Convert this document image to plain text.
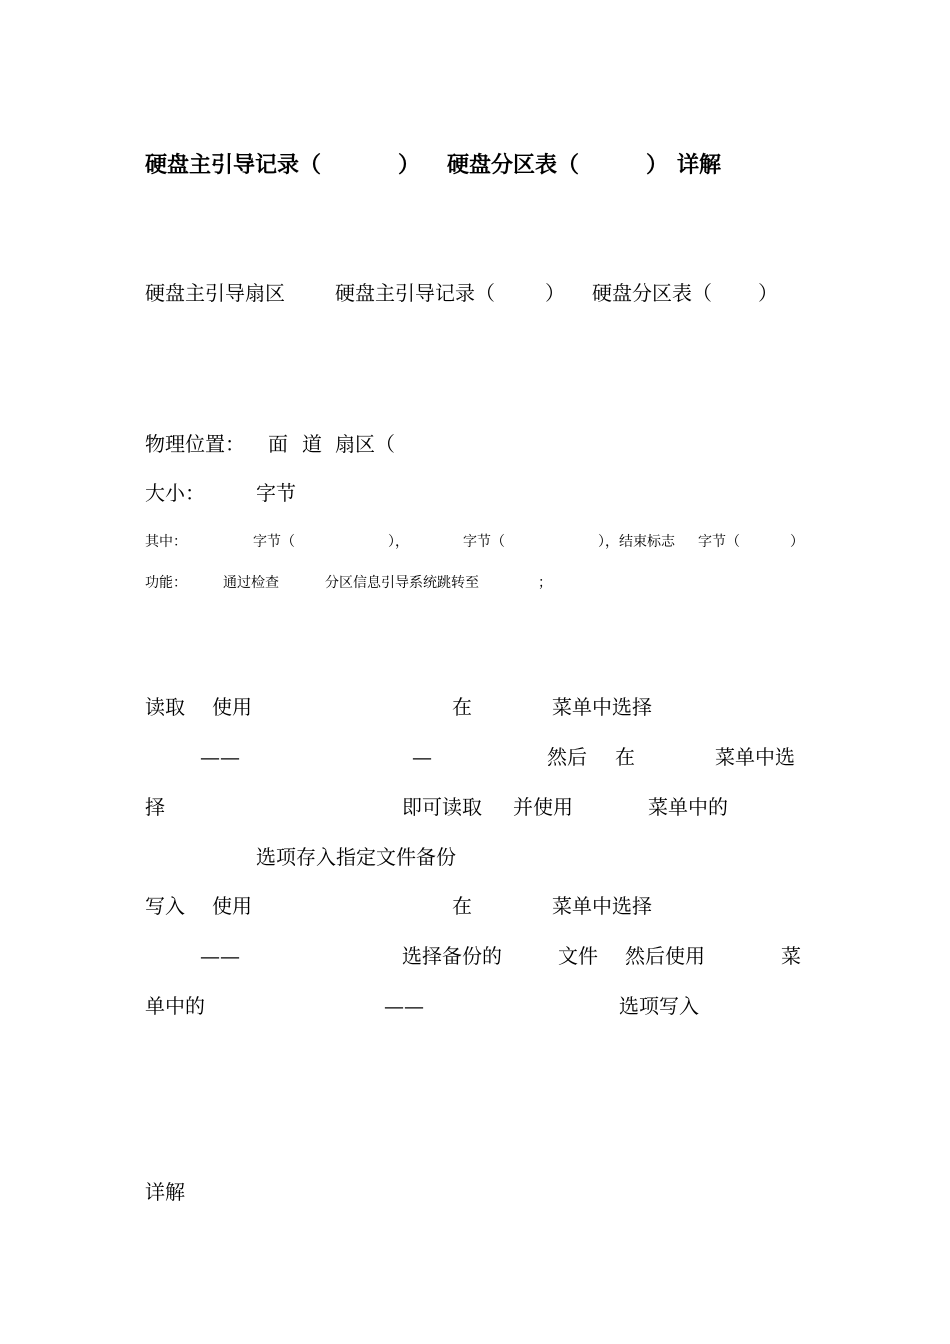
硬盘主引导记录（	） 硬盘分区表（	） 详解
硬盘主引导扇区	硬盘主引导记录（	） 硬盘分区表（ ）
物理位置： 面 道 扇区（
大小：	字节
其中：	字节（	），	字节（	），结束标志 字节（	）
功能：	通过检查	分区信息引导系统跳转至	；
读取 使用	在	菜单中选择
——	—	然后 在	菜单中选
择	即可读取 并使用	菜单中的
选项存入指定文件备份
写入 使用	在	菜单中选择
——	选择备份的	文件 然后使用	菜
单中的	——	选项写入
详解
